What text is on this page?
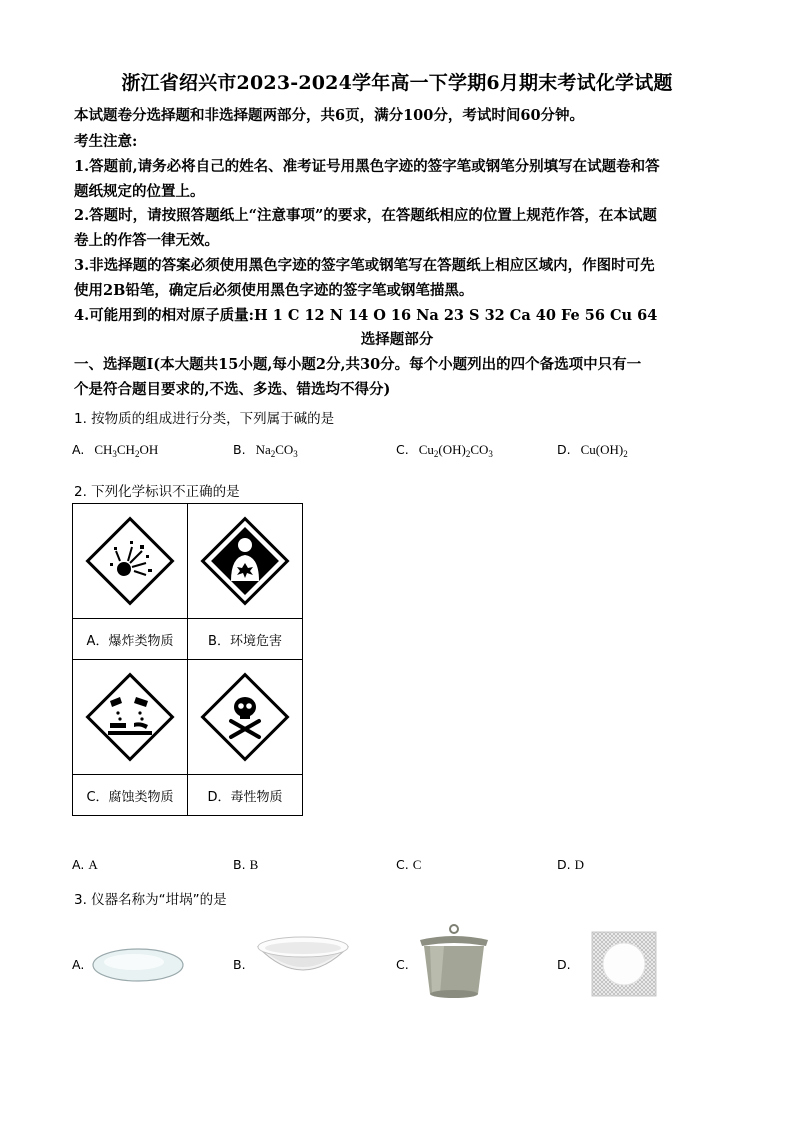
浙江省绍兴市2023-2024学年高一下学期6月期末考试化学试题
本试题卷分选择题和非选择题两部分，共6页，满分100分，考试时间60分钟。
考生注意:
1.答题前,请务必将自己的姓名、准考证号用黑色字迹的签字笔或钢笔分别填写在试题卷和答
题纸规定的位置上。
2.答题时，请按照答题纸上“注意事项”的要求，在答题纸相应的位置上规范作答，在本试题
卷上的作答一律无效。
3.非选择题的答案必须使用黑色字迹的签字笔或钢笔写在答题纸上相应区域内，作图时可先
使用2B铅笔，确定后必须使用黑色字迹的签字笔或钢笔描黑。
4.可能用到的相对原子质量:H 1 C 12 N 14 O 16 Na 23 S 32 Ca 40 Fe 56 Cu 64
选择题部分
一、选择题Ⅰ(本大题共15小题,每小题2分,共30分。每个小题列出的四个备选项中只有一
个是符合题目要求的,不选、多选、错选均不得分)
1. 按物质的组成进行分类，下列属于碱的是
A. $CH_3CH_2OH$	B. $Na_2CO_3$	C. $Cu_2(OH)_2CO_3$	D. $Cu(OH)_2$
2. 下列化学标识不正确的是

A．爆炸类物质	B．环境危害

C．腐蚀类物质	D．毒性物质
A. A	B. B	C. C	D. D
3. 仪器名称为“坩埚”的是
A.	B.	C.	D.
